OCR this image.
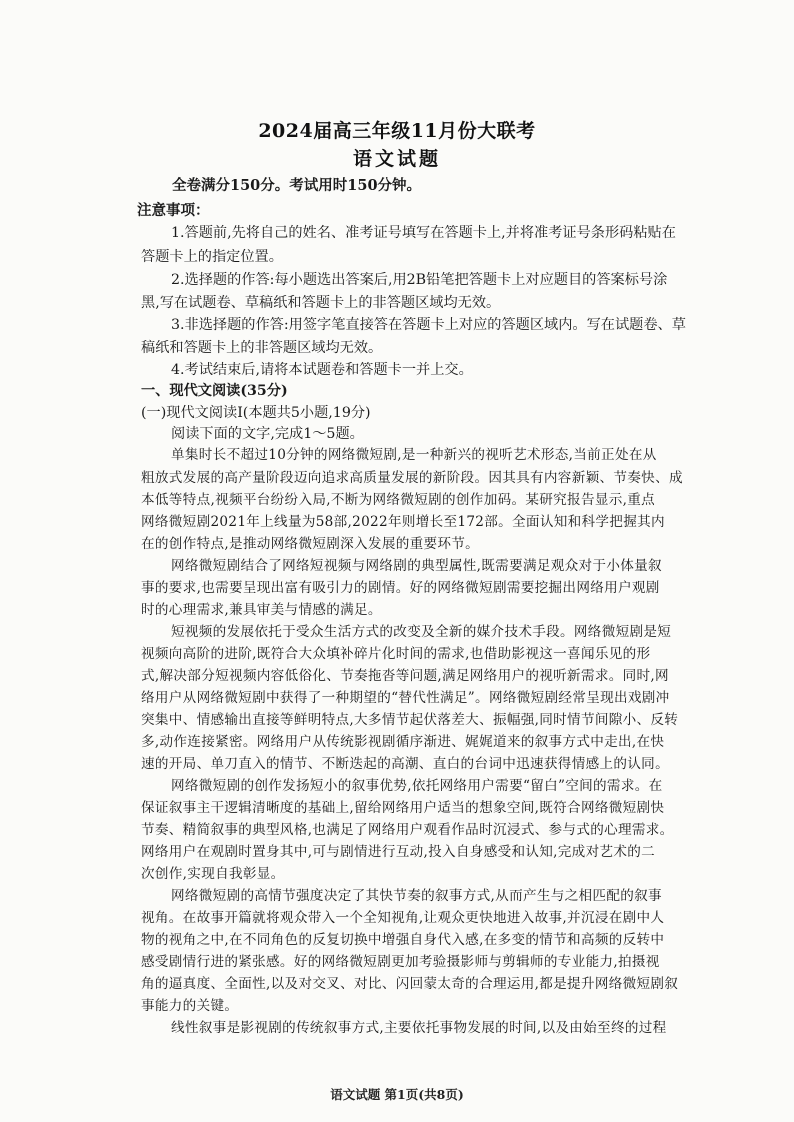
2024届高三年级11月份大联考
语文试题
全卷满分150分。考试用时150分钟。
注意事项：
1.答题前,先将自己的姓名、准考证号填写在答题卡上,并将准考证号条形码粘贴在
答题卡上的指定位置。
2.选择题的作答:每小题选出答案后,用2B铅笔把答题卡上对应题目的答案标号涂
黑,写在试题卷、草稿纸和答题卡上的非答题区域均无效。
3.非选择题的作答:用签字笔直接答在答题卡上对应的答题区域内。写在试题卷、草
稿纸和答题卡上的非答题区域均无效。
4.考试结束后,请将本试题卷和答题卡一并上交。
一、现代文阅读(35分)
(一)现代文阅读Ⅰ(本题共5小题,19分)
阅读下面的文字,完成1～5题。
单集时长不超过10分钟的网络微短剧,是一种新兴的视听艺术形态,当前正处在从
粗放式发展的高产量阶段迈向追求高质量发展的新阶段。因其具有内容新颖、节奏快、成
本低等特点,视频平台纷纷入局,不断为网络微短剧的创作加码。某研究报告显示,重点
网络微短剧2021年上线量为58部,2022年则增长至172部。全面认知和科学把握其内
在的创作特点,是推动网络微短剧深入发展的重要环节。
网络微短剧结合了网络短视频与网络剧的典型属性,既需要满足观众对于小体量叙
事的要求,也需要呈现出富有吸引力的剧情。好的网络微短剧需要挖掘出网络用户观剧
时的心理需求,兼具审美与情感的满足。
短视频的发展依托于受众生活方式的改变及全新的媒介技术手段。网络微短剧是短
视频向高阶的进阶,既符合大众填补碎片化时间的需求,也借助影视这一喜闻乐见的形
式,解决部分短视频内容低俗化、节奏拖沓等问题,满足网络用户的视听新需求。同时,网
络用户从网络微短剧中获得了一种期望的“替代性满足”。网络微短剧经常呈现出戏剧冲
突集中、情感输出直接等鲜明特点,大多情节起伏落差大、振幅强,同时情节间隙小、反转
多,动作连接紧密。网络用户从传统影视剧循序渐进、娓娓道来的叙事方式中走出,在快
速的开局、单刀直入的情节、不断迭起的高潮、直白的台词中迅速获得情感上的认同。
网络微短剧的创作发扬短小的叙事优势,依托网络用户需要“留白”空间的需求。在
保证叙事主干逻辑清晰度的基础上,留给网络用户适当的想象空间,既符合网络微短剧快
节奏、精简叙事的典型风格,也满足了网络用户观看作品时沉浸式、参与式的心理需求。
网络用户在观剧时置身其中,可与剧情进行互动,投入自身感受和认知,完成对艺术的二
次创作,实现自我彰显。
网络微短剧的高情节强度决定了其快节奏的叙事方式,从而产生与之相匹配的叙事
视角。在故事开篇就将观众带入一个全知视角,让观众更快地进入故事,并沉浸在剧中人
物的视角之中,在不同角色的反复切换中增强自身代入感,在多变的情节和高频的反转中
感受剧情行进的紧张感。好的网络微短剧更加考验摄影师与剪辑师的专业能力,拍摄视
角的逼真度、全面性,以及对交叉、对比、闪回蒙太奇的合理运用,都是提升网络微短剧叙
事能力的关键。
线性叙事是影视剧的传统叙事方式,主要依托事物发展的时间,以及由始至终的过程
语文试题 第1页(共8页)
